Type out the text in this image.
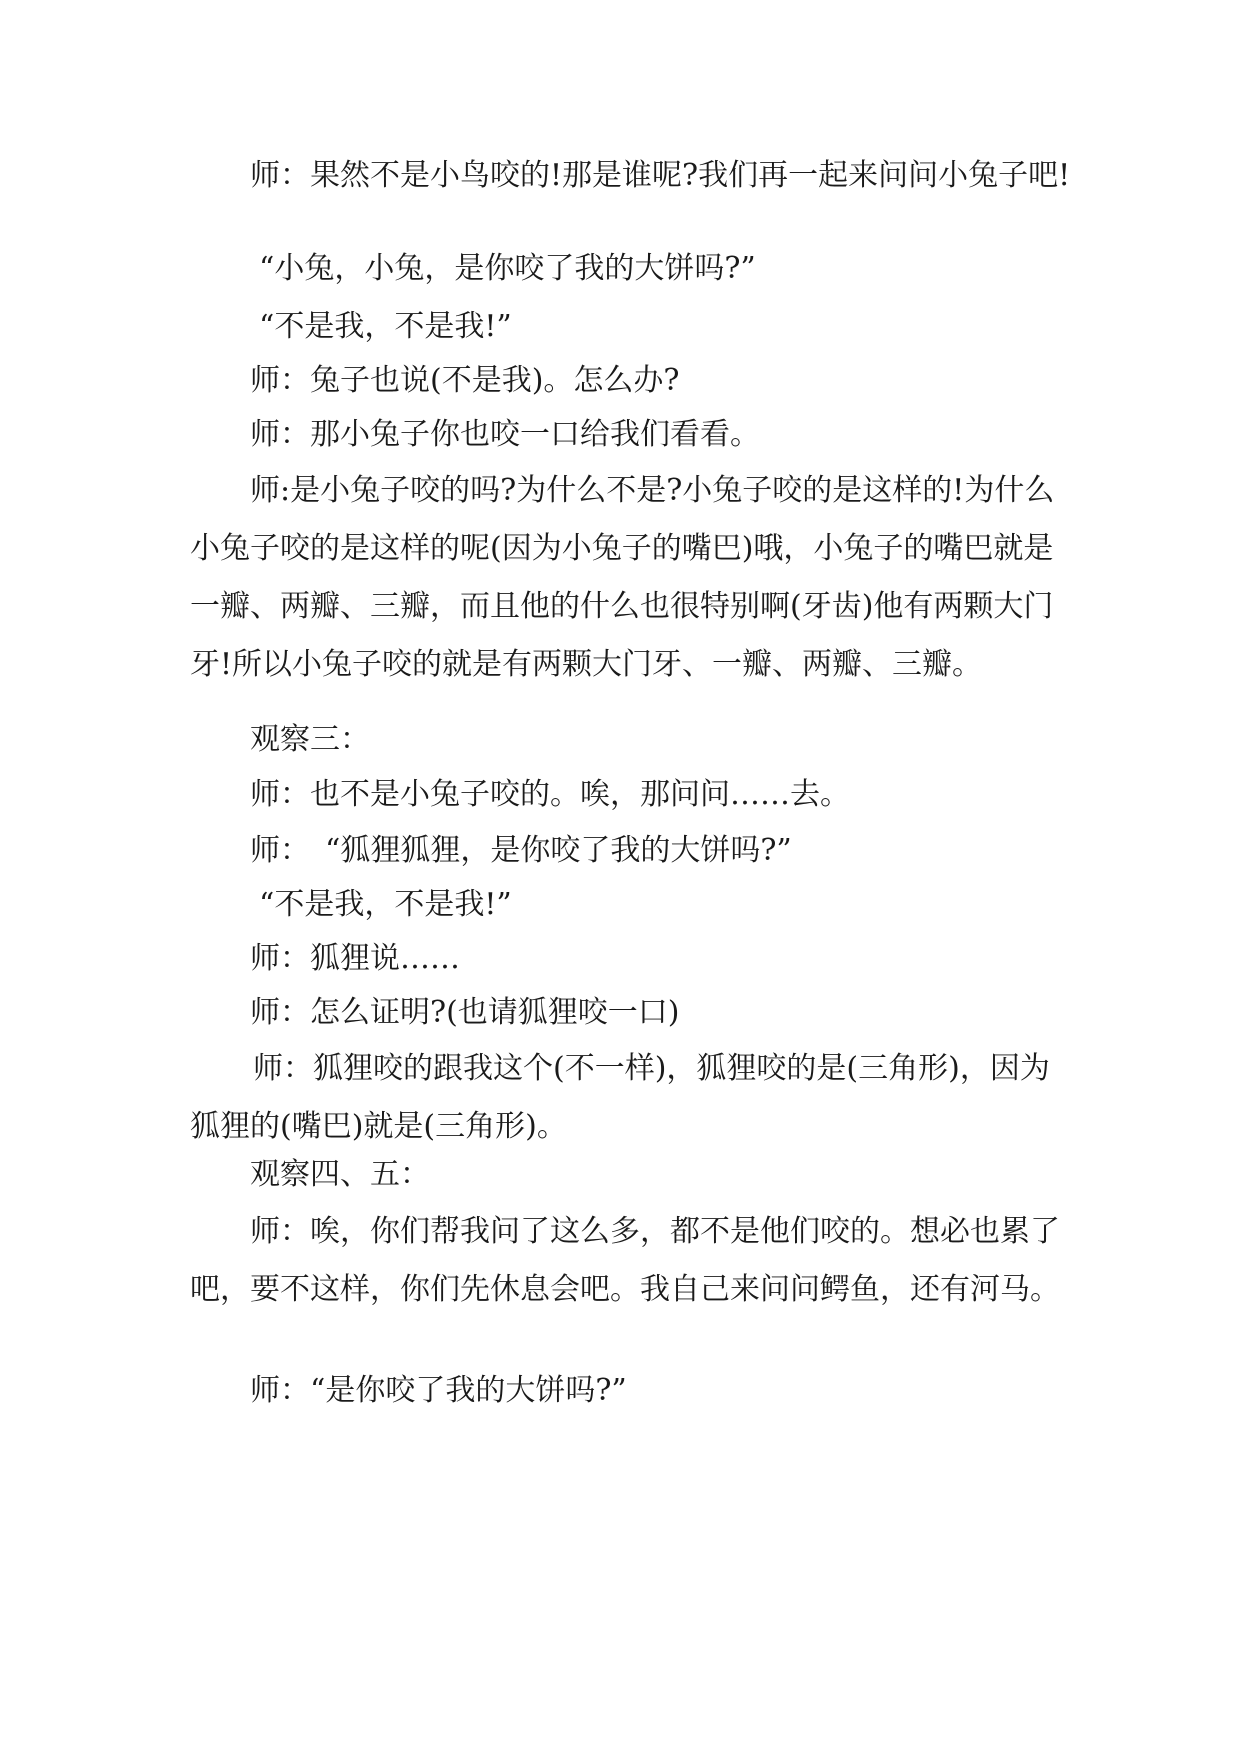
师：果然不是小鸟咬的!那是谁呢?我们再一起来问问小兔子吧!

“小兔，小兔，是你咬了我的大饼吗?”

“不是我，不是我!”

师：兔子也说(不是我)。怎么办?

师：那小兔子你也咬一口给我们看看。

师:是小兔子咬的吗?为什么不是?小兔子咬的是这样的!为什么小兔子咬的是这样的呢(因为小兔子的嘴巴)哦，小兔子的嘴巴就是一瓣、两瓣、三瓣，而且他的什么也很特别啊(牙齿)他有两颗大门牙!所以小兔子咬的就是有两颗大门牙、一瓣、两瓣、三瓣。

观察三：

师：也不是小兔子咬的。唉，那问问……去。

师：　“狐狸狐狸，是你咬了我的大饼吗?”

“不是我，不是我!”

师：狐狸说……

师：怎么证明?(也请狐狸咬一口)

师：狐狸咬的跟我这个(不一样)，狐狸咬的是(三角形)，因为狐狸的(嘴巴)就是(三角形)。

观察四、五：

师：唉，你们帮我问了这么多，都不是他们咬的。想必也累了吧，要不这样，你们先休息会吧。我自己来问问鳄鱼，还有河马。

师：“是你咬了我的大饼吗?”
